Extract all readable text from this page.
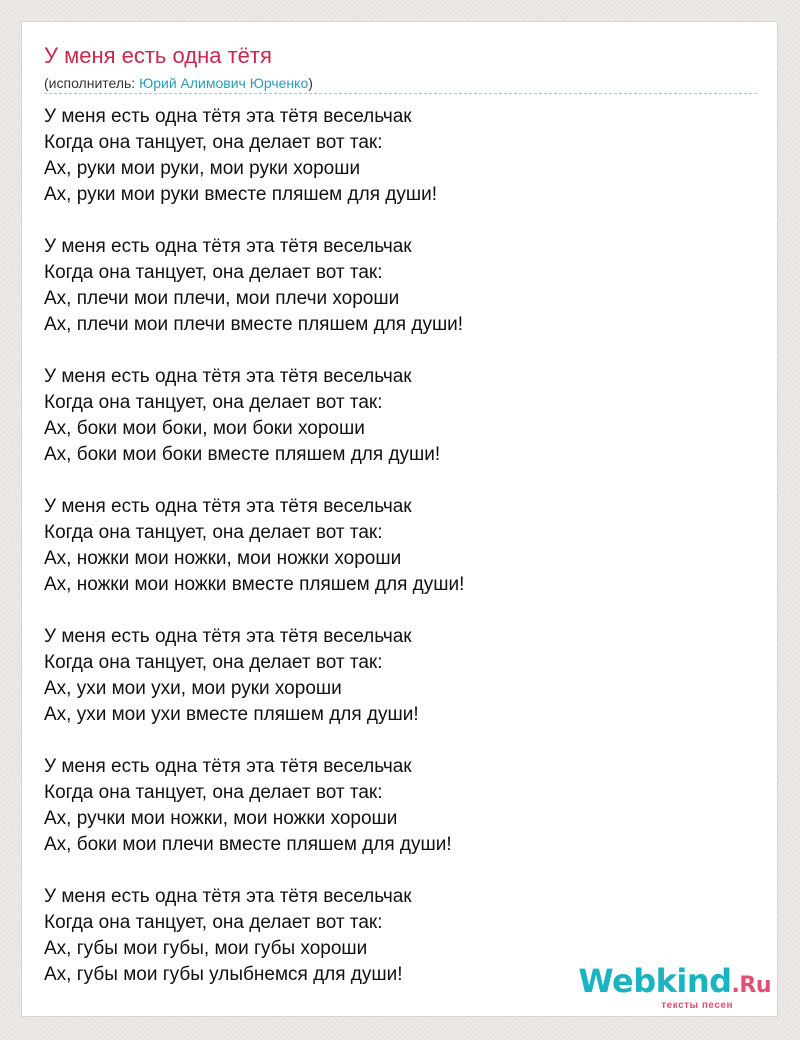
У меня есть одна тётя
(исполнитель: Юрий Алимович Юрченко)
У меня есть одна тётя эта тётя весельчак
Когда она танцует, она делает вот так:
Ах, руки мои руки, мои руки хороши
Ах, руки мои руки вместе пляшем для души!
У меня есть одна тётя эта тётя весельчак
Когда она танцует, она делает вот так:
Ах, плечи мои плечи, мои плечи хороши
Ах, плечи мои плечи вместе пляшем для души!
У меня есть одна тётя эта тётя весельчак
Когда она танцует, она делает вот так:
Ах, боки мои боки, мои боки хороши
Ах, боки мои боки вместе пляшем для души!
У меня есть одна тётя эта тётя весельчак
Когда она танцует, она делает вот так:
Ах, ножки мои ножки, мои ножки хороши
Ах, ножки мои ножки вместе пляшем для души!
У меня есть одна тётя эта тётя весельчак
Когда она танцует, она делает вот так:
Ах, ухи мои ухи, мои руки хороши
Ах, ухи мои ухи вместе пляшем для души!
У меня есть одна тётя эта тётя весельчак
Когда она танцует, она делает вот так:
Ах, ручки мои ножки, мои ножки хороши
Ах, боки мои плечи вместе пляшем для души!
У меня есть одна тётя эта тётя весельчак
Когда она танцует, она делает вот так:
Ах, губы мои губы, мои губы хороши
Ах, губы мои губы улыбнемся для души!	Webkind.Ru
тексты песен
